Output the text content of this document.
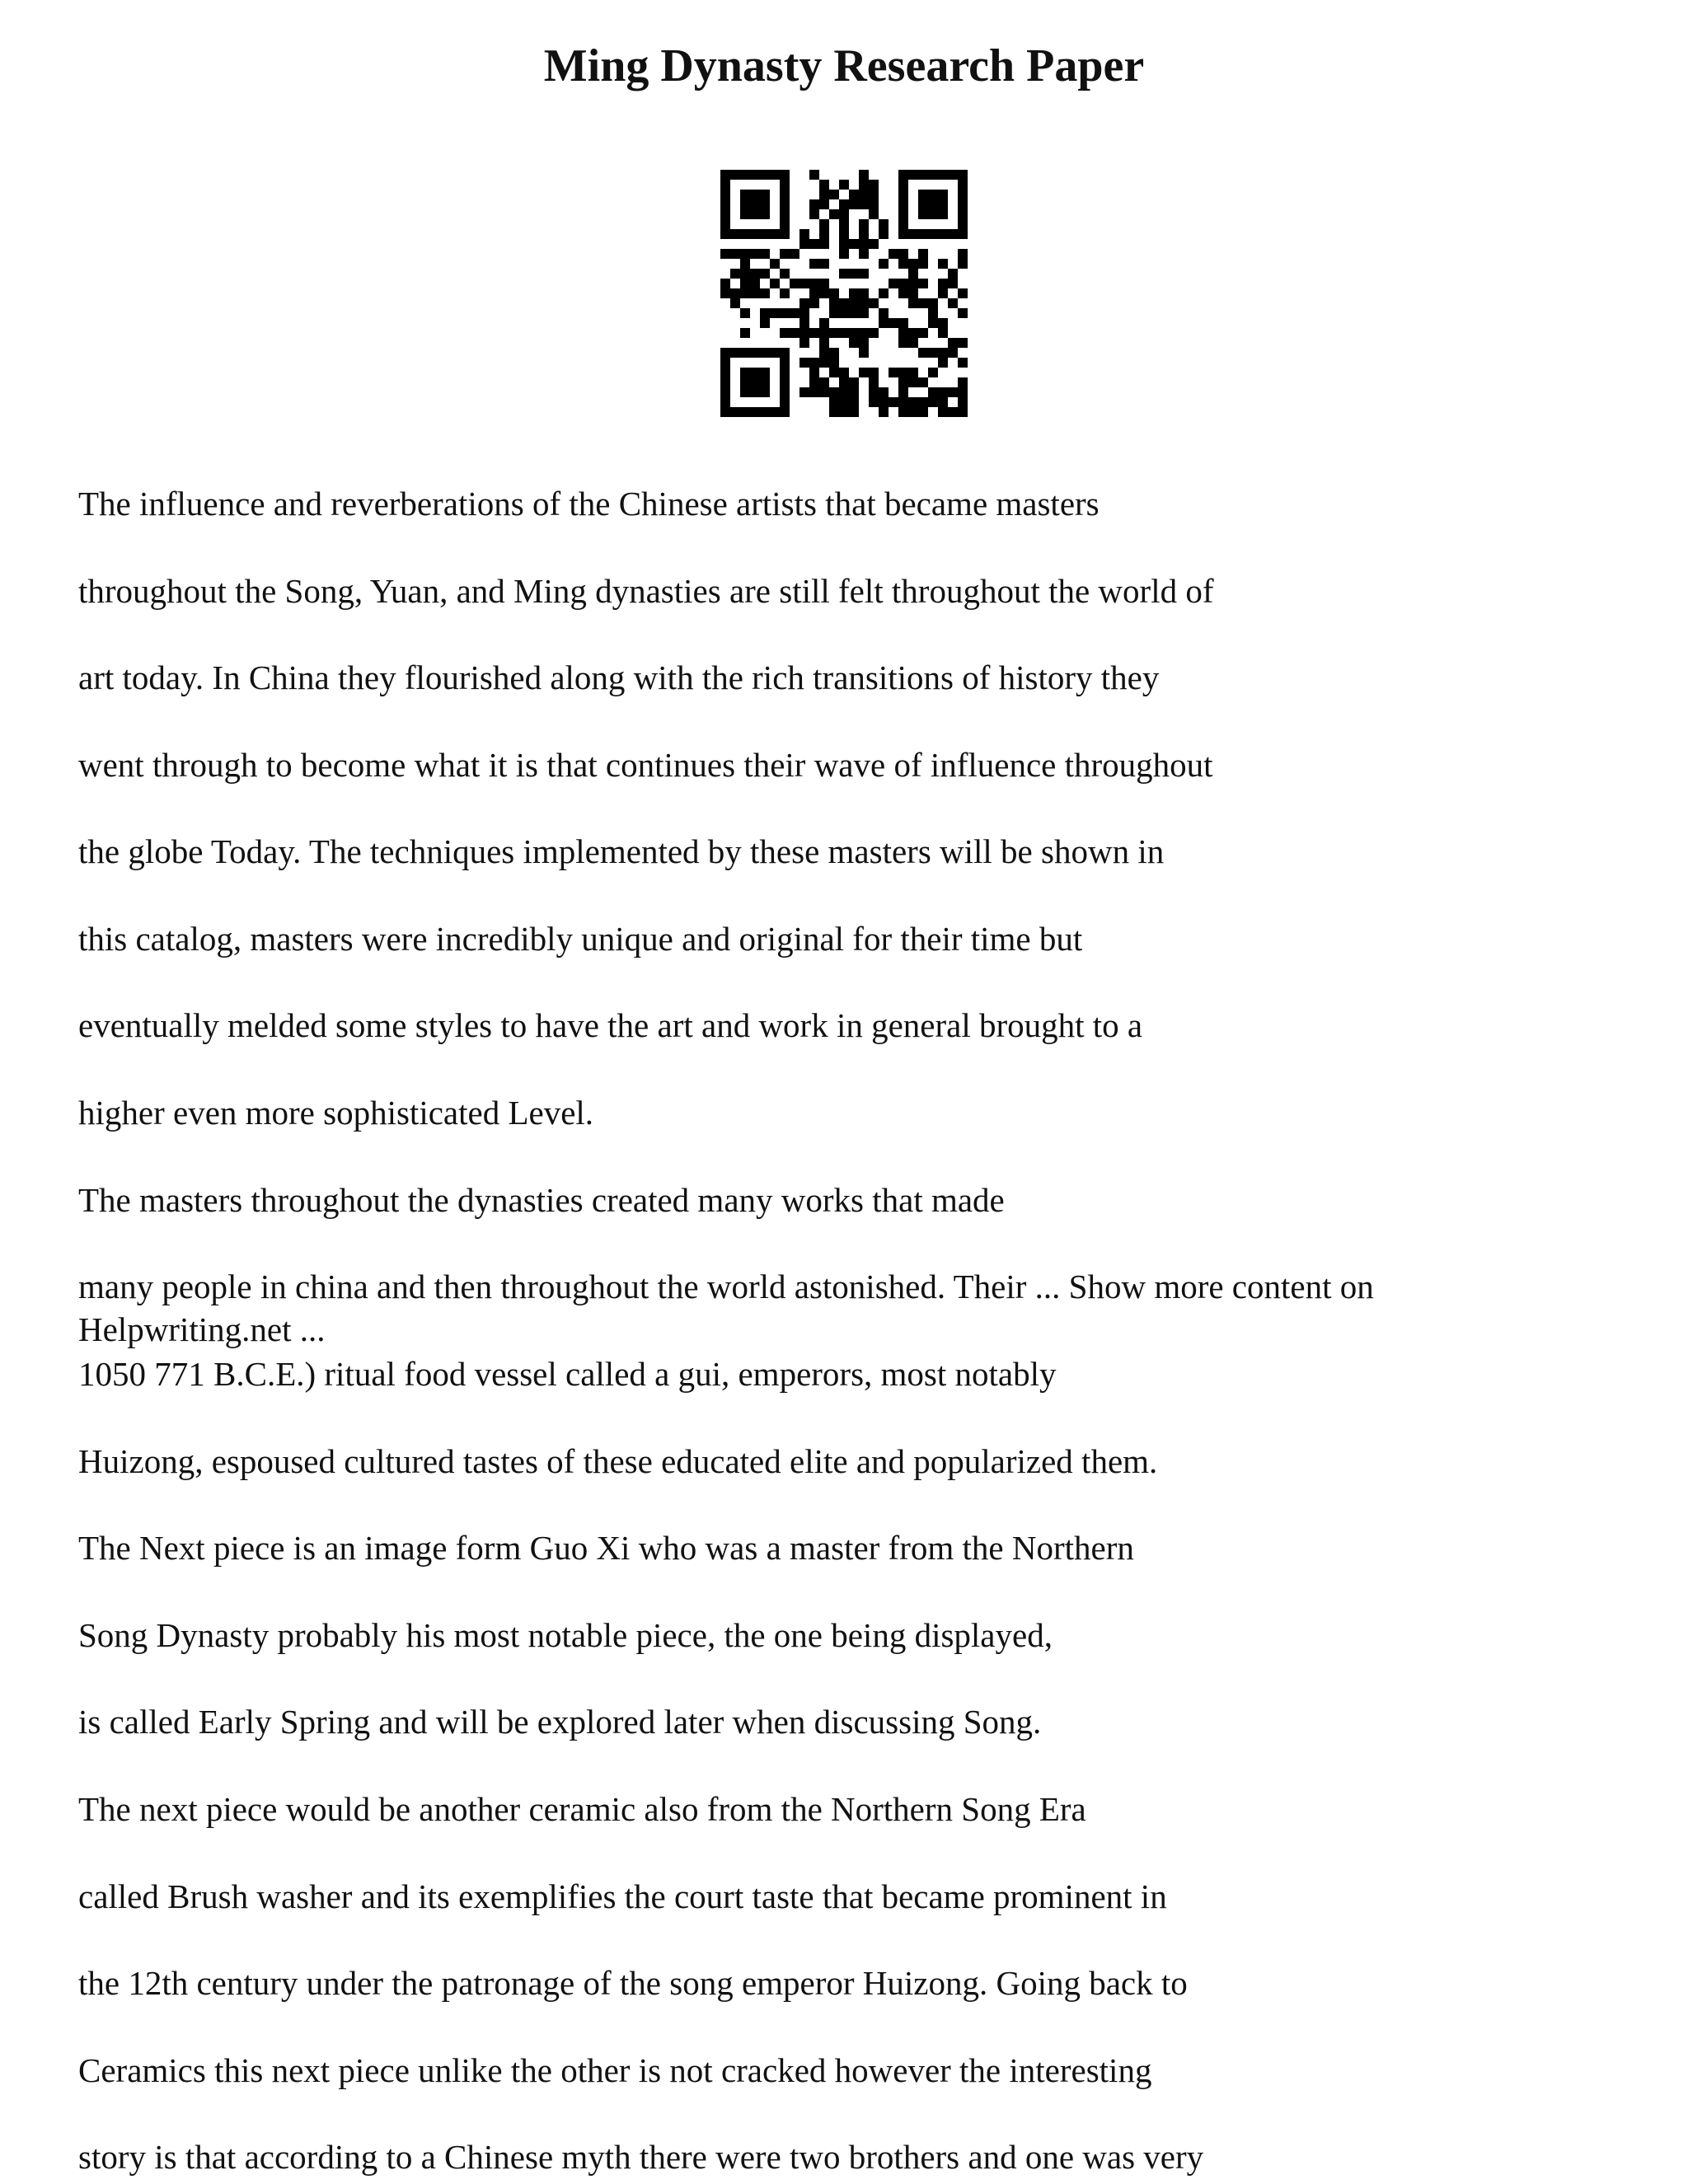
Ming Dynasty Research Paper

The influence and reverberations of the Chinese artists that became masters

throughout the Song, Yuan, and Ming dynasties are still felt throughout the world of

art today. In China they flourished along with the rich transitions of history they

went through to become what it is that continues their wave of influence throughout

the globe Today. The techniques implemented by these masters will be shown in

this catalog, masters were incredibly unique and original for their time but

eventually melded some styles to have the art and work in general brought to a

higher even more sophisticated Level.

The masters throughout the dynasties created many works that made

many people in china and then throughout the world astonished. Their ... Show more content on Helpwriting.net ...

1050 771 B.C.E.) ritual food vessel called a gui, emperors, most notably

Huizong, espoused cultured tastes of these educated elite and popularized them.

The Next piece is an image form Guo Xi who was a master from the Northern

Song Dynasty probably his most notable piece, the one being displayed,

is called Early Spring and will be explored later when discussing Song.

The next piece would be another ceramic also from the Northern Song Era

called Brush washer and its exemplifies the court taste that became prominent in

the 12th century under the patronage of the song emperor Huizong. Going back to

Ceramics this next piece unlike the other is not cracked however the interesting

story is that according to a Chinese myth there were two brothers and one was very
